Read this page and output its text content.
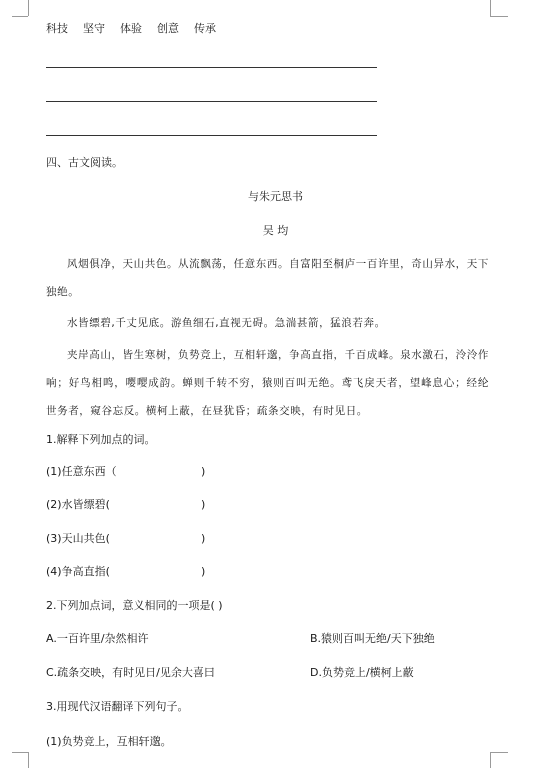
科技 坚守 体验 创意 传承
四、古文阅读。
与朱元思书
吴 均
风烟俱净，天山共色。从流飘荡，任意东西。自富阳至桐庐一百许里，奇山异水，天下独绝。
水皆缥碧,千丈见底。游鱼细石,直视无碍。急湍甚箭，猛浪若奔。
夹岸高山，皆生寒树，负势竞上，互相轩邈，争高直指，千百成峰。泉水激石，泠泠作响；好鸟相鸣，嘤嘤成韵。蝉则千转不穷，猿则百叫无绝。鸢飞戾天者，望峰息心；经纶世务者，窥谷忘反。横柯上蔽，在昼犹昏；疏条交映，有时见日。
1.解释下列加点的词。
(1)任意东西（	)
(2)水皆缥碧(	)
(3)天山共色(	)
(4)争高直指(	)
2.下列加点词，意义相同的一项是( )
A.一百许里/杂然相许	B.猿则百叫无绝/天下独绝
C.疏条交映，有时见日/见余大喜曰	D.负势竞上/横柯上蔽
3.用现代汉语翻译下列句子。
(1)负势竞上，互相轩邈。
